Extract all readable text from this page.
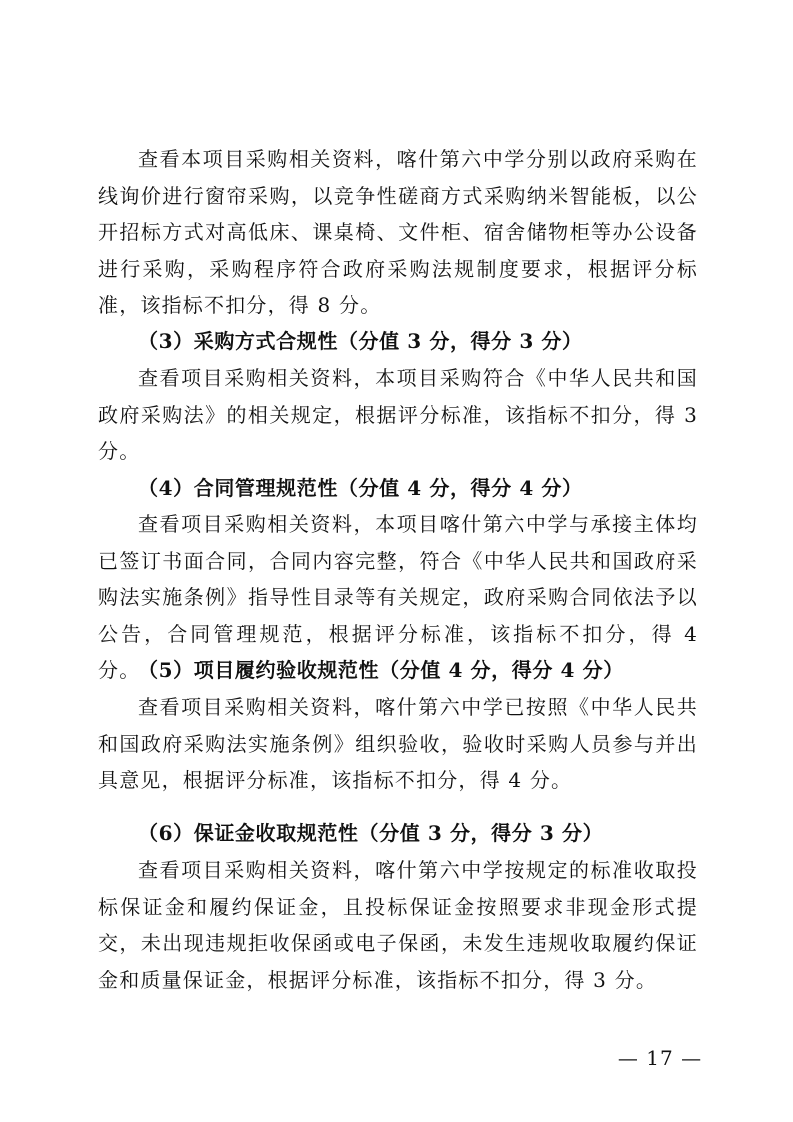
查看本项目采购相关资料，喀什第六中学分别以政府采购在线询价进行窗帘采购，以竞争性磋商方式采购纳米智能板，以公开招标方式对高低床、课桌椅、文件柜、宿舍储物柜等办公设备进行采购，采购程序符合政府采购法规制度要求，根据评分标准，该指标不扣分，得 8 分。

（3）采购方式合规性（分值 3 分，得分 3 分）

查看项目采购相关资料，本项目采购符合《中华人民共和国政府采购法》的相关规定，根据评分标准，该指标不扣分，得 3 分。

（4）合同管理规范性（分值 4 分，得分 4 分）

查看项目采购相关资料，本项目喀什第六中学与承接主体均已签订书面合同，合同内容完整，符合《中华人民共和国政府采购法实施条例》指导性目录等有关规定，政府采购合同依法予以公告，合同管理规范，根据评分标准，该指标不扣分，得 4 分。

（5）项目履约验收规范性（分值 4 分，得分 4 分）

查看项目采购相关资料，喀什第六中学已按照《中华人民共和国政府采购法实施条例》组织验收，验收时采购人员参与并出具意见，根据评分标准，该指标不扣分，得 4 分。

（6）保证金收取规范性（分值 3 分，得分 3 分）

查看项目采购相关资料，喀什第六中学按规定的标准收取投标保证金和履约保证金，且投标保证金按照要求非现金形式提交，未出现违规拒收保函或电子保函，未发生违规收取履约保证金和质量保证金，根据评分标准，该指标不扣分，得 3 分。

— 17 —
